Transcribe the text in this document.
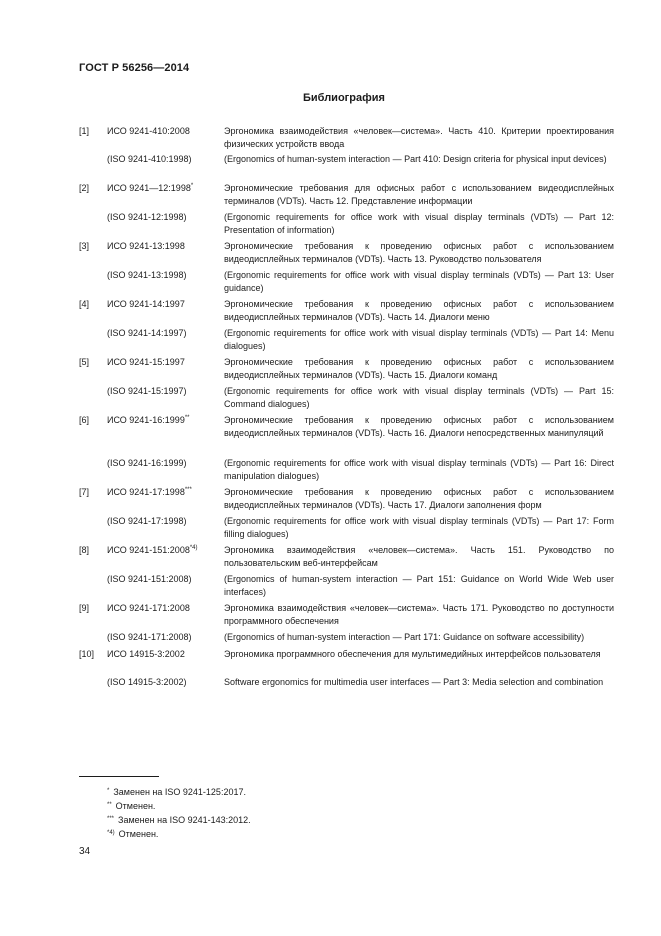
ГОСТ Р 56256—2014
Библиография
[1] ИСО 9241-410:2008	Эргономика взаимодействия «человек—система». Часть 410. Критерии проектирования физических устройств ввода
(ISO 9241-410:1998)	(Ergonomics of human-system interaction — Part 410: Design criteria for physical input devices)
[2] ИСО 9241—12:1998*	Эргономические требования для офисных работ с использованием видеодисплейных терминалов (VDTs). Часть 12. Представление информации
(ISO 9241-12:1998)	(Ergonomic requirements for office work with visual display terminals (VDTs) — Part 12: Presentation of information)
[3] ИСО 9241-13:1998	Эргономические требования к проведению офисных работ с использованием видеодисплейных терминалов (VDTs). Часть 13. Руководство пользователя
(ISO 9241-13:1998)	(Ergonomic requirements for office work with visual display terminals (VDTs) — Part 13: User guidance)
[4] ИСО 9241-14:1997	Эргономические требования к проведению офисных работ с использованием видеодисплейных терминалов (VDTs). Часть 14. Диалоги меню
(ISO 9241-14:1997)	(Ergonomic requirements for office work with visual display terminals (VDTs) — Part 14: Menu dialogues)
[5] ИСО 9241-15:1997	Эргономические требования к проведению офисных работ с использованием видеодисплейных терминалов (VDTs). Часть 15. Диалоги команд
(ISO 9241-15:1997)	(Ergonomic requirements for office work with visual display terminals (VDTs) — Part 15: Command dialogues)
[6] ИСО 9241-16:1999**	Эргономические требования к проведению офисных работ с использованием видеодисплейных терминалов (VDTs). Часть 16. Диалоги непосредственных манипуляций
(ISO 9241-16:1999)	(Ergonomic requirements for office work with visual display terminals (VDTs) — Part 16: Direct manipulation dialogues)
[7] ИСО 9241-17:1998***	Эргономические требования к проведению офисных работ с использованием видеодисплейных терминалов (VDTs). Часть 17. Диалоги заполнения форм
(ISO 9241-17:1998)	(Ergonomic requirements for office work with visual display terminals (VDTs) — Part 17: Form filling dialogues)
[8] ИСО 9241-151:2008$^{*4)}$	Эргономика взаимодействия «человек—система». Часть 151. Руководство по пользовательским веб-интерфейсам
(ISO 9241-151:2008)	(Ergonomics of human-system interaction — Part 151: Guidance on World Wide Web user interfaces)
[9] ИСО 9241-171:2008	Эргономика взаимодействия «человек—система». Часть 171. Руководство по доступности программного обеспечения
(ISO 9241-171:2008)	(Ergonomics of human-system interaction — Part 171: Guidance on software accessibility)
[10] ИСО 14915-3:2002	Эргономика программного обеспечения для мультимедийных интерфейсов пользователя
(ISO 14915-3:2002)	Software ergonomics for multimedia user interfaces — Part 3: Media selection and combination
* Заменен на ISO 9241-125:2017.
** Отменен.
*** Заменен на ISO 9241-143:2012.
$^{*4)}$ Отменен.
34
